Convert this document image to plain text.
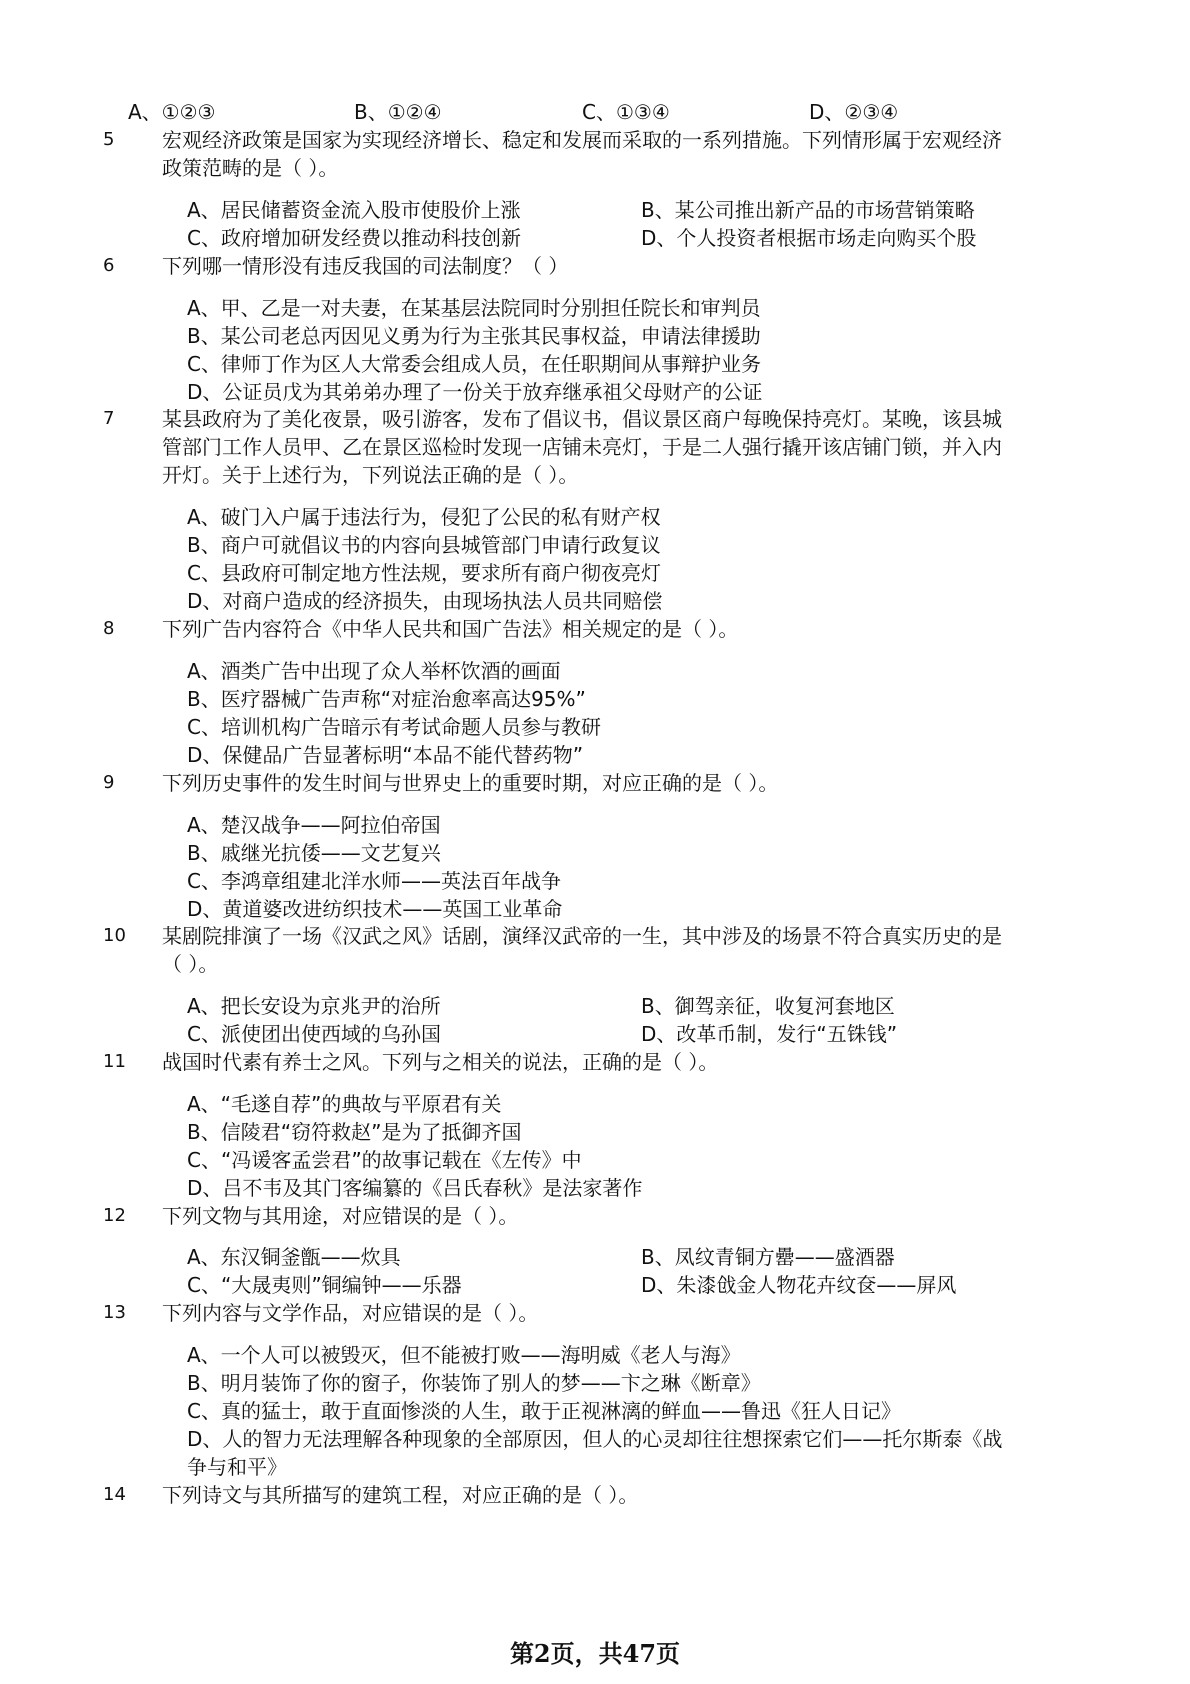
A、①②③	B、①②④	C、①③④	D、②③④
5 宏观经济政策是国家为实现经济增长、稳定和发展而采取的一系列措施。下列情形属于宏观经济
政策范畴的是（ ）。
A、居民储蓄资金流入股市使股价上涨	B、某公司推出新产品的市场营销策略
C、政府增加研发经费以推动科技创新	D、个人投资者根据市场走向购买个股
6 下列哪一情形没有违反我国的司法制度？（ ）
A、甲、乙是一对夫妻，在某基层法院同时分别担任院长和审判员
B、某公司老总丙因见义勇为行为主张其民事权益，申请法律援助
C、律师丁作为区人大常委会组成人员，在任职期间从事辩护业务
D、公证员戊为其弟弟办理了一份关于放弃继承祖父母财产的公证
7 某县政府为了美化夜景，吸引游客，发布了倡议书，倡议景区商户每晚保持亮灯。某晚，该县城
管部门工作人员甲、乙在景区巡检时发现一店铺未亮灯，于是二人强行撬开该店铺门锁，并入内
开灯。关于上述行为，下列说法正确的是（ ）。
A、破门入户属于违法行为，侵犯了公民的私有财产权
B、商户可就倡议书的内容向县城管部门申请行政复议
C、县政府可制定地方性法规，要求所有商户彻夜亮灯
D、对商户造成的经济损失，由现场执法人员共同赔偿
8 下列广告内容符合《中华人民共和国广告法》相关规定的是（ ）。
A、酒类广告中出现了众人举杯饮酒的画面
B、医疗器械广告声称“对症治愈率高达95%”
C、培训机构广告暗示有考试命题人员参与教研
D、保健品广告显著标明“本品不能代替药物”
9 下列历史事件的发生时间与世界史上的重要时期，对应正确的是（ ）。
A、楚汉战争——阿拉伯帝国
B、戚继光抗倭——文艺复兴
C、李鸿章组建北洋水师——英法百年战争
D、黄道婆改进纺织技术——英国工业革命
10 某剧院排演了一场《汉武之风》话剧，演绎汉武帝的一生，其中涉及的场景不符合真实历史的是
（ ）。
A、把长安设为京兆尹的治所	B、御驾亲征，收复河套地区
C、派使团出使西域的乌孙国	D、改革币制，发行“五铢钱”
11 战国时代素有养士之风。下列与之相关的说法，正确的是（ ）。
A、“毛遂自荐”的典故与平原君有关
B、信陵君“窃符救赵”是为了抵御齐国
C、“冯谖客孟尝君”的故事记载在《左传》中
D、吕不韦及其门客编纂的《吕氏春秋》是法家著作
12 下列文物与其用途，对应错误的是（ ）。
A、东汉铜釜甑——炊具	B、凤纹青铜方罍——盛酒器
C、“大晟夷则”铜编钟——乐器	D、朱漆戗金人物花卉纹奁——屏风
13 下列内容与文学作品，对应错误的是（ ）。
A、一个人可以被毁灭，但不能被打败——海明威《老人与海》
B、明月装饰了你的窗子，你装饰了别人的梦——卞之琳《断章》
C、真的猛士，敢于直面惨淡的人生，敢于正视淋漓的鲜血——鲁迅《狂人日记》
D、人的智力无法理解各种现象的全部原因，但人的心灵却往往想探索它们——托尔斯泰《战
争与和平》
14 下列诗文与其所描写的建筑工程，对应正确的是（ ）。
第2页，共47页
